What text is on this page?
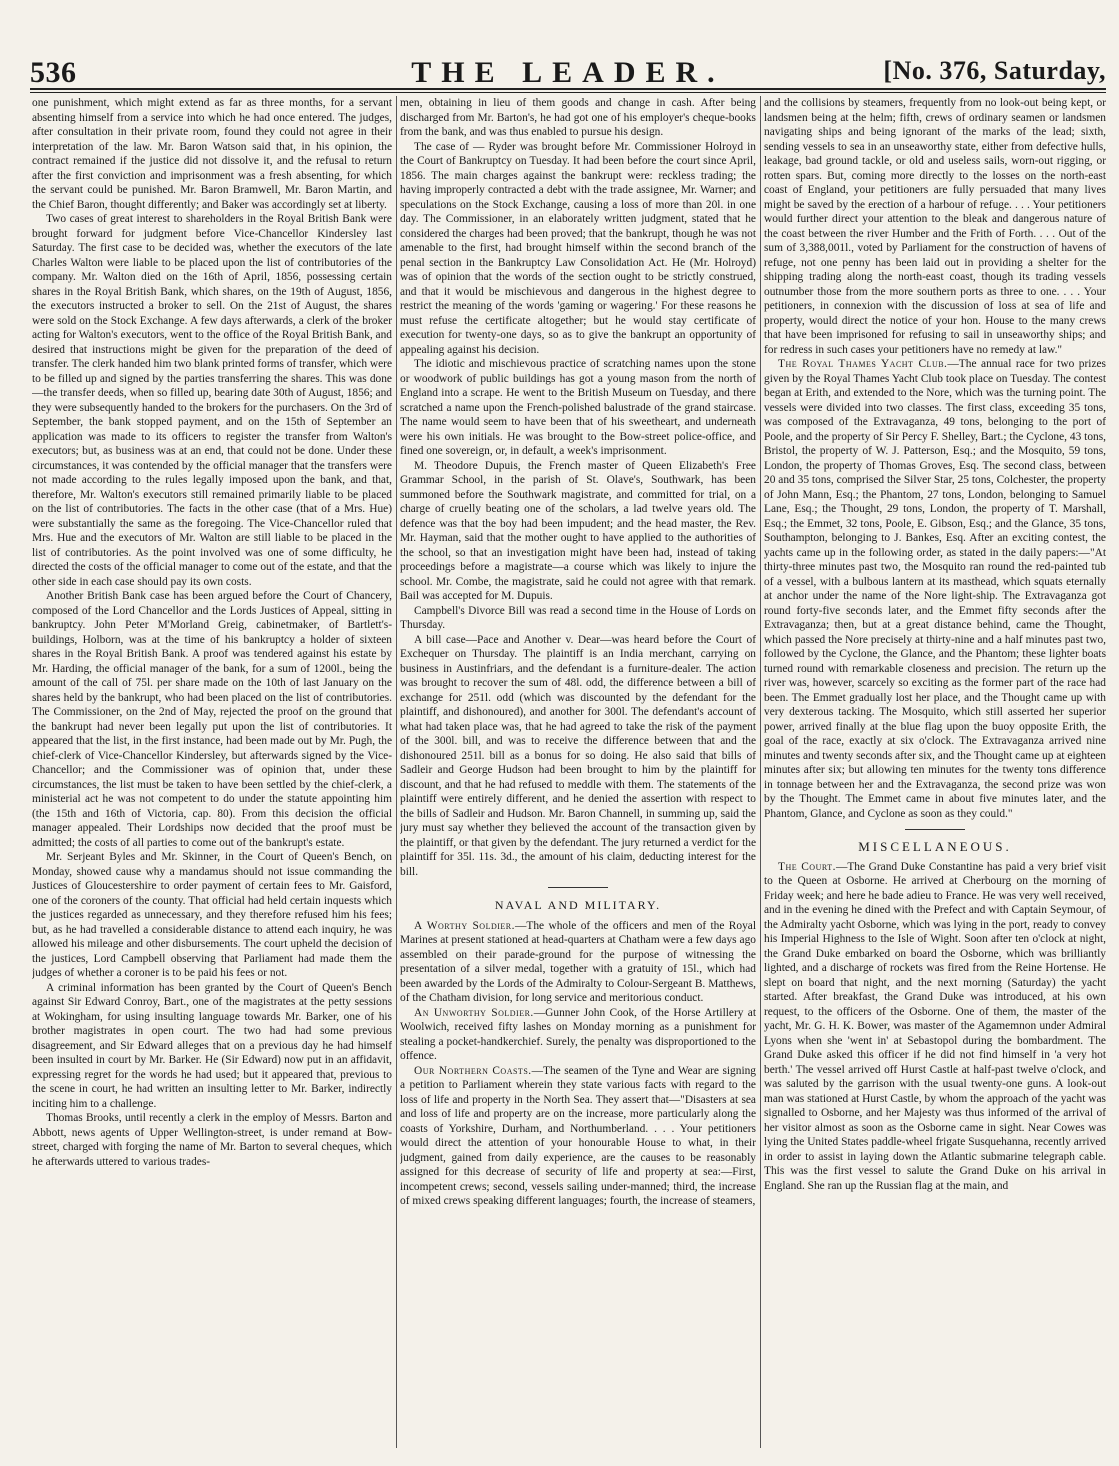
536	THE LEADER.	[No. 376, Saturday,

one punishment, which might extend as far as three months, for a servant absenting himself from a service into which he had once entered. The judges, after consultation in their private room, found they could not agree in their interpretation of the law. Mr. Baron Watson said that, in his opinion, the contract remained if the justice did not dissolve it, and the refusal to return after the first conviction and imprisonment was a fresh absenting, for which the servant could be punished. Mr. Baron Bramwell, Mr. Baron Martin, and the Chief Baron, thought differently; and Baker was accordingly set at liberty.

Two cases of great interest to shareholders in the Royal British Bank were brought forward for judgment before Vice-Chancellor Kindersley last Saturday. The first case to be decided was, whether the executors of the late Charles Walton were liable to be placed upon the list of contributories of the company. Mr. Walton died on the 16th of April, 1856, possessing certain shares in the Royal British Bank, which shares, on the 19th of August, 1856, the executors instructed a broker to sell. On the 21st of August, the shares were sold on the Stock Exchange. A few days afterwards, a clerk of the broker acting for Walton's executors, went to the office of the Royal British Bank, and desired that instructions might be given for the preparation of the deed of transfer. The clerk handed him two blank printed forms of transfer, which were to be filled up and signed by the parties transferring the shares. This was done—the transfer deeds, when so filled up, bearing date 30th of August, 1856; and they were subsequently handed to the brokers for the purchasers. On the 3rd of September, the bank stopped payment, and on the 15th of September an application was made to its officers to register the transfer from Walton's executors; but, as business was at an end, that could not be done. Under these circumstances, it was contended by the official manager that the transfers were not made according to the rules legally imposed upon the bank, and that, therefore, Mr. Walton's executors still remained primarily liable to be placed on the list of contributories. The facts in the other case (that of a Mrs. Hue) were substantially the same as the foregoing. The Vice-Chancellor ruled that Mrs. Hue and the executors of Mr. Walton are still liable to be placed in the list of contributories. As the point involved was one of some difficulty, he directed the costs of the official manager to come out of the estate, and that the other side in each case should pay its own costs.

Another British Bank case has been argued before the Court of Chancery, composed of the Lord Chancellor and the Lords Justices of Appeal, sitting in bankruptcy. John Peter M'Morland Greig, cabinetmaker, of Bartlett's-buildings, Holborn, was at the time of his bankruptcy a holder of sixteen shares in the Royal British Bank. A proof was tendered against his estate by Mr. Harding, the official manager of the bank, for a sum of 1200l., being the amount of the call of 75l. per share made on the 10th of last January on the shares held by the bankrupt, who had been placed on the list of contributories. The Commissioner, on the 2nd of May, rejected the proof on the ground that the bankrupt had never been legally put upon the list of contributories. It appeared that the list, in the first instance, had been made out by Mr. Pugh, the chief-clerk of Vice-Chancellor Kindersley, but afterwards signed by the Vice-Chancellor; and the Commissioner was of opinion that, under these circumstances, the list must be taken to have been settled by the chief-clerk, a ministerial act he was not competent to do under the statute appointing him (the 15th and 16th of Victoria, cap. 80). From this decision the official manager appealed. Their Lordships now decided that the proof must be admitted; the costs of all parties to come out of the bankrupt's estate.

Mr. Serjeant Byles and Mr. Skinner, in the Court of Queen's Bench, on Monday, showed cause why a mandamus should not issue commanding the Justices of Gloucestershire to order payment of certain fees to Mr. Gaisford, one of the coroners of the county. That official had held certain inquests which the justices regarded as unnecessary, and they therefore refused him his fees; but, as he had travelled a considerable distance to attend each inquiry, he was allowed his mileage and other disbursements. The court upheld the decision of the justices, Lord Campbell observing that Parliament had made them the judges of whether a coroner is to be paid his fees or not.

A criminal information has been granted by the Court of Queen's Bench against Sir Edward Conroy, Bart., one of the magistrates at the petty sessions at Wokingham, for using insulting language towards Mr. Barker, one of his brother magistrates in open court. The two had had some previous disagreement, and Sir Edward alleges that on a previous day he had himself been insulted in court by Mr. Barker. He (Sir Edward) now put in an affidavit, expressing regret for the words he had used; but it appeared that, previous to the scene in court, he had written an insulting letter to Mr. Barker, indirectly inciting him to a challenge.

Thomas Brooks, until recently a clerk in the employ of Messrs. Barton and Abbott, news agents of Upper Wellington-street, is under remand at Bow-street, charged with forging the name of Mr. Barton to several cheques, which he afterwards uttered to various trades-

men, obtaining in lieu of them goods and change in cash. After being discharged from Mr. Barton's, he had got one of his employer's cheque-books from the bank, and was thus enabled to pursue his design.

The case of — Ryder was brought before Mr. Commissioner Holroyd in the Court of Bankruptcy on Tuesday. It had been before the court since April, 1856. The main charges against the bankrupt were: reckless trading; the having improperly contracted a debt with the trade assignee, Mr. Warner; and speculations on the Stock Exchange, causing a loss of more than 20l. in one day. The Commissioner, in an elaborately written judgment, stated that he considered the charges had been proved; that the bankrupt, though he was not amenable to the first, had brought himself within the second branch of the penal section in the Bankruptcy Law Consolidation Act. He (Mr. Holroyd) was of opinion that the words of the section ought to be strictly construed, and that it would be mischievous and dangerous in the highest degree to restrict the meaning of the words 'gaming or wagering.' For these reasons he must refuse the certificate altogether; but he would stay certificate of execution for twenty-one days, so as to give the bankrupt an opportunity of appealing against his decision.

The idiotic and mischievous practice of scratching names upon the stone or woodwork of public buildings has got a young mason from the north of England into a scrape. He went to the British Museum on Tuesday, and there scratched a name upon the French-polished balustrade of the grand staircase. The name would seem to have been that of his sweetheart, and underneath were his own initials. He was brought to the Bow-street police-office, and fined one sovereign, or, in default, a week's imprisonment.

M. Theodore Dupuis, the French master of Queen Elizabeth's Free Grammar School, in the parish of St. Olave's, Southwark, has been summoned before the Southwark magistrate, and committed for trial, on a charge of cruelly beating one of the scholars, a lad twelve years old. The defence was that the boy had been impudent; and the head master, the Rev. Mr. Hayman, said that the mother ought to have applied to the authorities of the school, so that an investigation might have been had, instead of taking proceedings before a magistrate—a course which was likely to injure the school. Mr. Combe, the magistrate, said he could not agree with that remark. Bail was accepted for M. Dupuis.

Campbell's Divorce Bill was read a second time in the House of Lords on Thursday.

A bill case—Pace and Another v. Dear—was heard before the Court of Exchequer on Thursday. The plaintiff is an India merchant, carrying on business in Austinfriars, and the defendant is a furniture-dealer. The action was brought to recover the sum of 48l. odd, the difference between a bill of exchange for 251l. odd (which was discounted by the defendant for the plaintiff, and dishonoured), and another for 300l. The defendant's account of what had taken place was, that he had agreed to take the risk of the payment of the 300l. bill, and was to receive the difference between that and the dishonoured 251l. bill as a bonus for so doing. He also said that bills of Sadleir and George Hudson had been brought to him by the plaintiff for discount, and that he had refused to meddle with them. The statements of the plaintiff were entirely different, and he denied the assertion with respect to the bills of Sadleir and Hudson. Mr. Baron Channell, in summing up, said the jury must say whether they believed the account of the transaction given by the plaintiff, or that given by the defendant. The jury returned a verdict for the plaintiff for 35l. 11s. 3d., the amount of his claim, deducting interest for the bill.

NAVAL AND MILITARY.

A Worthy Soldier.—The whole of the officers and men of the Royal Marines at present stationed at head-quarters at Chatham were a few days ago assembled on their parade-ground for the purpose of witnessing the presentation of a silver medal, together with a gratuity of 15l., which had been awarded by the Lords of the Admiralty to Colour-Sergeant B. Matthews, of the Chatham division, for long service and meritorious conduct.

An Unworthy Soldier.—Gunner John Cook, of the Horse Artillery at Woolwich, received fifty lashes on Monday morning as a punishment for stealing a pocket-handkerchief. Surely, the penalty was disproportioned to the offence.

Our Northern Coasts.—The seamen of the Tyne and Wear are signing a petition to Parliament wherein they state various facts with regard to the loss of life and property in the North Sea. They assert that—"Disasters at sea and loss of life and property are on the increase, more particularly along the coasts of Yorkshire, Durham, and Northumberland. . . . Your petitioners would direct the attention of your honourable House to what, in their judgment, gained from daily experience, are the causes to be reasonably assigned for this decrease of security of life and property at sea:—First, incompetent crews; second, vessels sailing under-manned; third, the increase of mixed crews speaking different languages; fourth, the increase of steamers,

and the collisions by steamers, frequently from no look-out being kept, or landsmen being at the helm; fifth, crews of ordinary seamen or landsmen navigating ships and being ignorant of the marks of the lead; sixth, sending vessels to sea in an unseaworthy state, either from defective hulls, leakage, bad ground tackle, or old and useless sails, worn-out rigging, or rotten spars. But, coming more directly to the losses on the north-east coast of England, your petitioners are fully persuaded that many lives might be saved by the erection of a harbour of refuge. . . . Your petitioners would further direct your attention to the bleak and dangerous nature of the coast between the river Humber and the Frith of Forth. . . . Out of the sum of 3,388,001l., voted by Parliament for the construction of havens of refuge, not one penny has been laid out in providing a shelter for the shipping trading along the north-east coast, though its trading vessels outnumber those from the more southern ports as three to one. . . . Your petitioners, in connexion with the discussion of loss at sea of life and property, would direct the notice of your hon. House to the many crews that have been imprisoned for refusing to sail in unseaworthy ships; and for redress in such cases your petitioners have no remedy at law."

The Royal Thames Yacht Club.—The annual race for two prizes given by the Royal Thames Yacht Club took place on Tuesday. The contest began at Erith, and extended to the Nore, which was the turning point. The vessels were divided into two classes. The first class, exceeding 35 tons, was composed of the Extravaganza, 49 tons, belonging to the port of Poole, and the property of Sir Percy F. Shelley, Bart.; the Cyclone, 43 tons, Bristol, the property of W. J. Patterson, Esq.; and the Mosquito, 59 tons, London, the property of Thomas Groves, Esq. The second class, between 20 and 35 tons, comprised the Silver Star, 25 tons, Colchester, the property of John Mann, Esq.; the Phantom, 27 tons, London, belonging to Samuel Lane, Esq.; the Thought, 29 tons, London, the property of T. Marshall, Esq.; the Emmet, 32 tons, Poole, E. Gibson, Esq.; and the Glance, 35 tons, Southampton, belonging to J. Bankes, Esq. After an exciting contest, the yachts came up in the following order, as stated in the daily papers:—"At thirty-three minutes past two, the Mosquito ran round the red-painted tub of a vessel, with a bulbous lantern at its masthead, which squats eternally at anchor under the name of the Nore light-ship. The Extravaganza got round forty-five seconds later, and the Emmet fifty seconds after the Extravaganza; then, but at a great distance behind, came the Thought, which passed the Nore precisely at thirty-nine and a half minutes past two, followed by the Cyclone, the Glance, and the Phantom; these lighter boats turned round with remarkable closeness and precision. The return up the river was, however, scarcely so exciting as the former part of the race had been. The Emmet gradually lost her place, and the Thought came up with very dexterous tacking. The Mosquito, which still asserted her superior power, arrived finally at the blue flag upon the buoy opposite Erith, the goal of the race, exactly at six o'clock. The Extravaganza arrived nine minutes and twenty seconds after six, and the Thought came up at eighteen minutes after six; but allowing ten minutes for the twenty tons difference in tonnage between her and the Extravaganza, the second prize was won by the Thought. The Emmet came in about five minutes later, and the Phantom, Glance, and Cyclone as soon as they could."

MISCELLANEOUS.

The Court.—The Grand Duke Constantine has paid a very brief visit to the Queen at Osborne. He arrived at Cherbourg on the morning of Friday week; and here he bade adieu to France. He was very well received, and in the evening he dined with the Prefect and with Captain Seymour, of the Admiralty yacht Osborne, which was lying in the port, ready to convey his Imperial Highness to the Isle of Wight. Soon after ten o'clock at night, the Grand Duke embarked on board the Osborne, which was brilliantly lighted, and a discharge of rockets was fired from the Reine Hortense. He slept on board that night, and the next morning (Saturday) the yacht started. After breakfast, the Grand Duke was introduced, at his own request, to the officers of the Osborne. One of them, the master of the yacht, Mr. G. H. K. Bower, was master of the Agamemnon under Admiral Lyons when she 'went in' at Sebastopol during the bombardment. The Grand Duke asked this officer if he did not find himself in 'a very hot berth.' The vessel arrived off Hurst Castle at half-past twelve o'clock, and was saluted by the garrison with the usual twenty-one guns. A look-out man was stationed at Hurst Castle, by whom the approach of the yacht was signalled to Osborne, and her Majesty was thus informed of the arrival of her visitor almost as soon as the Osborne came in sight. Near Cowes was lying the United States paddle-wheel frigate Susquehanna, recently arrived in order to assist in laying down the Atlantic submarine telegraph cable. This was the first vessel to salute the Grand Duke on his arrival in England. She ran up the Russian flag at the main, and
